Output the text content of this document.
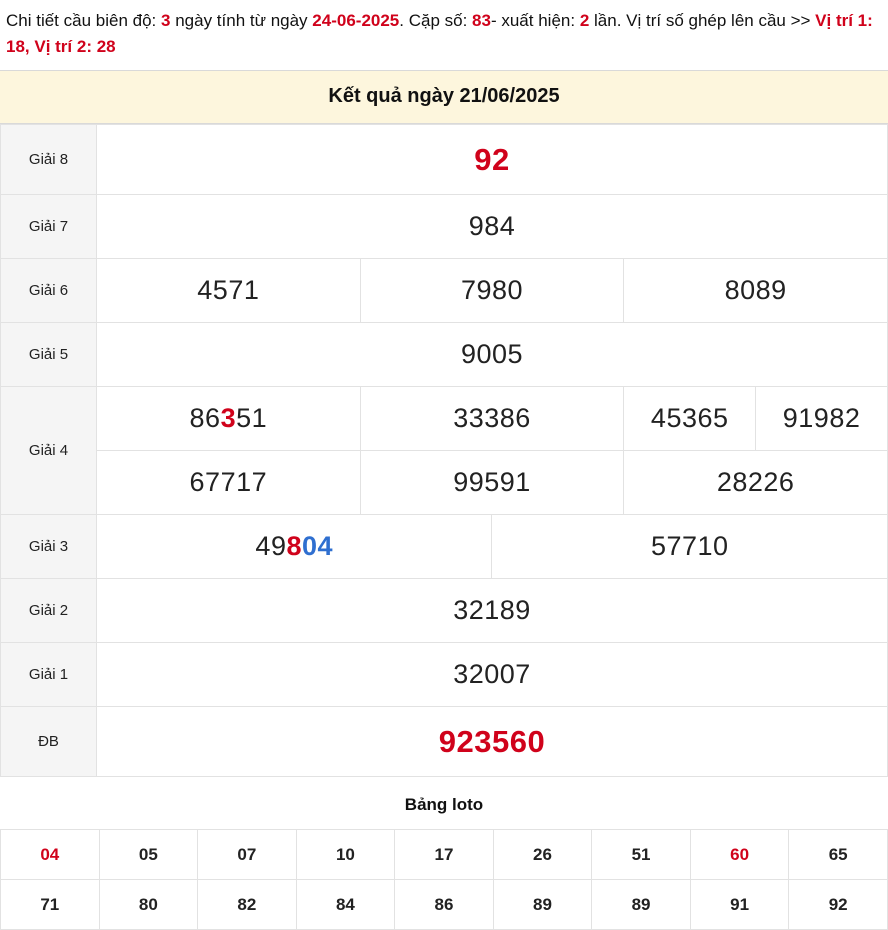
Chi tiết cầu biên độ: 3 ngày tính từ ngày 24-06-2025. Cặp số: 83- xuất hiện: 2 lần. Vị trí số ghép lên cầu >> Vị trí 1: 18, Vị trí 2: 28
Kết quả ngày 21/06/2025
Giải 8	92				
Giải 7	984				
Giải 6	4571	7980		8089	
Giải 5	9005				
Giải 4	86351	33386		45365	91982
	67717	99591		28226	
Giải 3	49804		57710		
Giải 2	32189				
Giải 1	32007				
ĐB	923560				
Bảng loto
04	05	07	10	17	26	51	60	65
71	80	82	84	86	89	89	91	92
